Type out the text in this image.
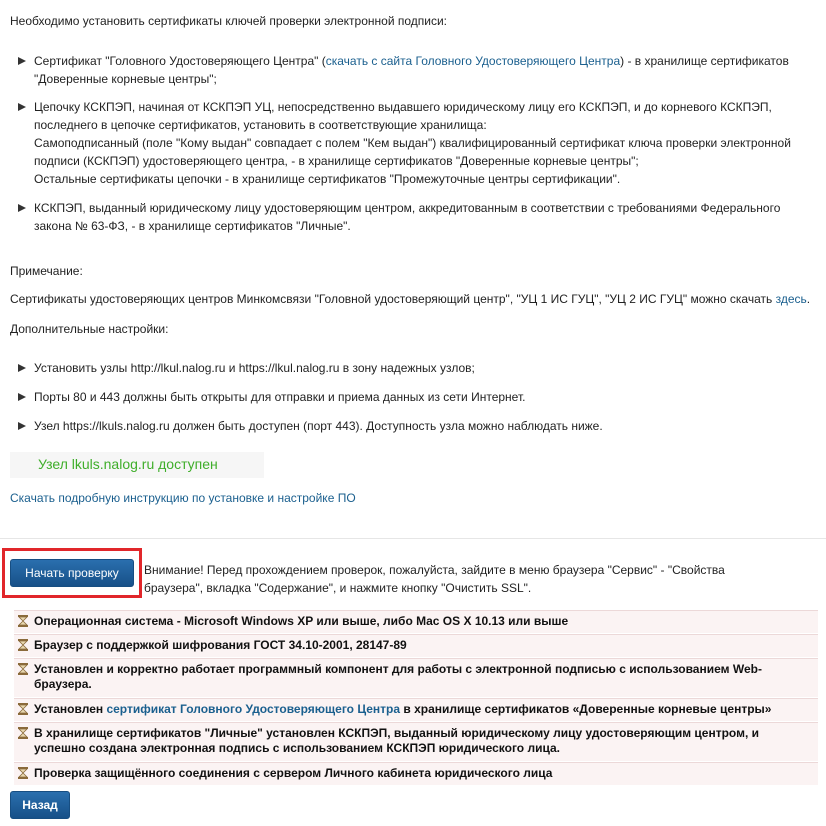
Необходимо установить сертификаты ключей проверки электронной подписи:
Сертификат "Головного Удостоверяющего Центра" (скачать с сайта Головного Удостоверяющего Центра) - в хранилище сертификатов "Доверенные корневые центры";
Цепочку КСКПЭП, начиная от КСКПЭП УЦ, непосредственно выдавшего юридическому лицу его КСКПЭП, и до корневого КСКПЭП, последнего в цепочке сертификатов, установить в соответствующие хранилища:
Самоподписанный (поле "Кому выдан" совпадает с полем "Кем выдан") квалифицированный сертификат ключа проверки электронной подписи (КСКПЭП) удостоверяющего центра, - в хранилище сертификатов "Доверенные корневые центры";
Остальные сертификаты цепочки - в хранилище сертификатов "Промежуточные центры сертификации".
КСКПЭП, выданный юридическому лицу удостоверяющим центром, аккредитованным в соответствии с требованиями Федерального закона № 63-ФЗ, - в хранилище сертификатов "Личные".
Примечание:
Сертификаты удостоверяющих центров Минкомсвязи "Головной удостоверяющий центр", "УЦ 1 ИС ГУЦ", "УЦ 2 ИС ГУЦ" можно скачать здесь.
Дополнительные настройки:
Установить узлы http://lkul.nalog.ru и https://lkul.nalog.ru в зону надежных узлов;
Порты 80 и 443 должны быть открыты для отправки и приема данных из сети Интернет.
Узел https://lkuls.nalog.ru должен быть доступен (порт 443). Доступность узла можно наблюдать ниже.
Узел lkuls.nalog.ru доступен
Скачать подробную инструкцию по установке и настройке ПО
Начать проверку	Внимание! Перед прохождением проверок, пожалуйста, зайдите в меню браузера "Сервис" - "Свойства браузера", вкладка "Содержание", и нажмите кнопку "Очистить SSL".
Операционная система - Microsoft Windows XP или выше, либо Mac OS X 10.13 или выше
Браузер с поддержкой шифрования ГОСТ 34.10-2001, 28147-89
Установлен и корректно работает программный компонент для работы с электронной подписью с использованием Web-браузера.
Установлен сертификат Головного Удостоверяющего Центра в хранилище сертификатов «Доверенные корневые центры»
В хранилище сертификатов "Личные" установлен КСКПЭП, выданный юридическому лицу удостоверяющим центром, и успешно создана электронная подпись с использованием КСКПЭП юридического лица.
Проверка защищённого соединения с сервером Личного кабинета юридического лица
Назад
